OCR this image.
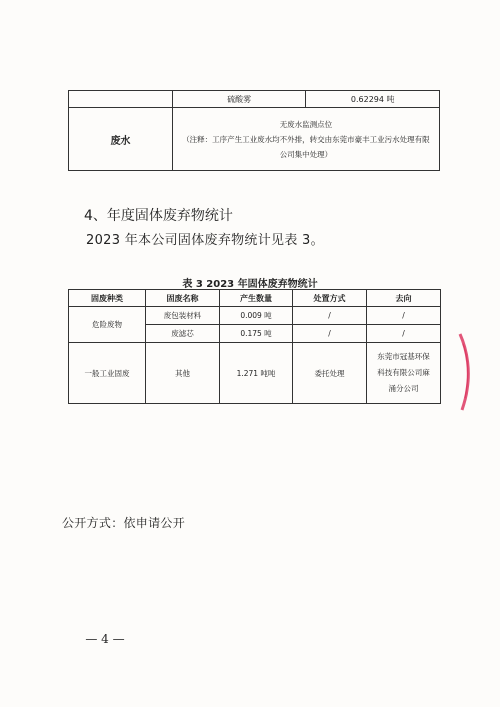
	硫酸雾	0.62294 吨
废水	无废水监测点位
（注释：工序产生工业废水均不外排，转交由东莞市豪丰工业污水处理有限
公司集中处理）	
4、年度固体废弃物统计

2023 年本公司固体废弃物统计见表 3。

表 3 2023 年固体废弃物统计
固废种类	固废名称	产生数量	处置方式	去向
危险废物	废包装材料	0.009 吨	/	/
	废滤芯	0.175 吨	/	/
一般工业固废	其他	1.271 吨吨	委托处理	东莞市冠基环保
科技有限公司麻
涌分公司

公开方式：依申请公开

— 4 —
